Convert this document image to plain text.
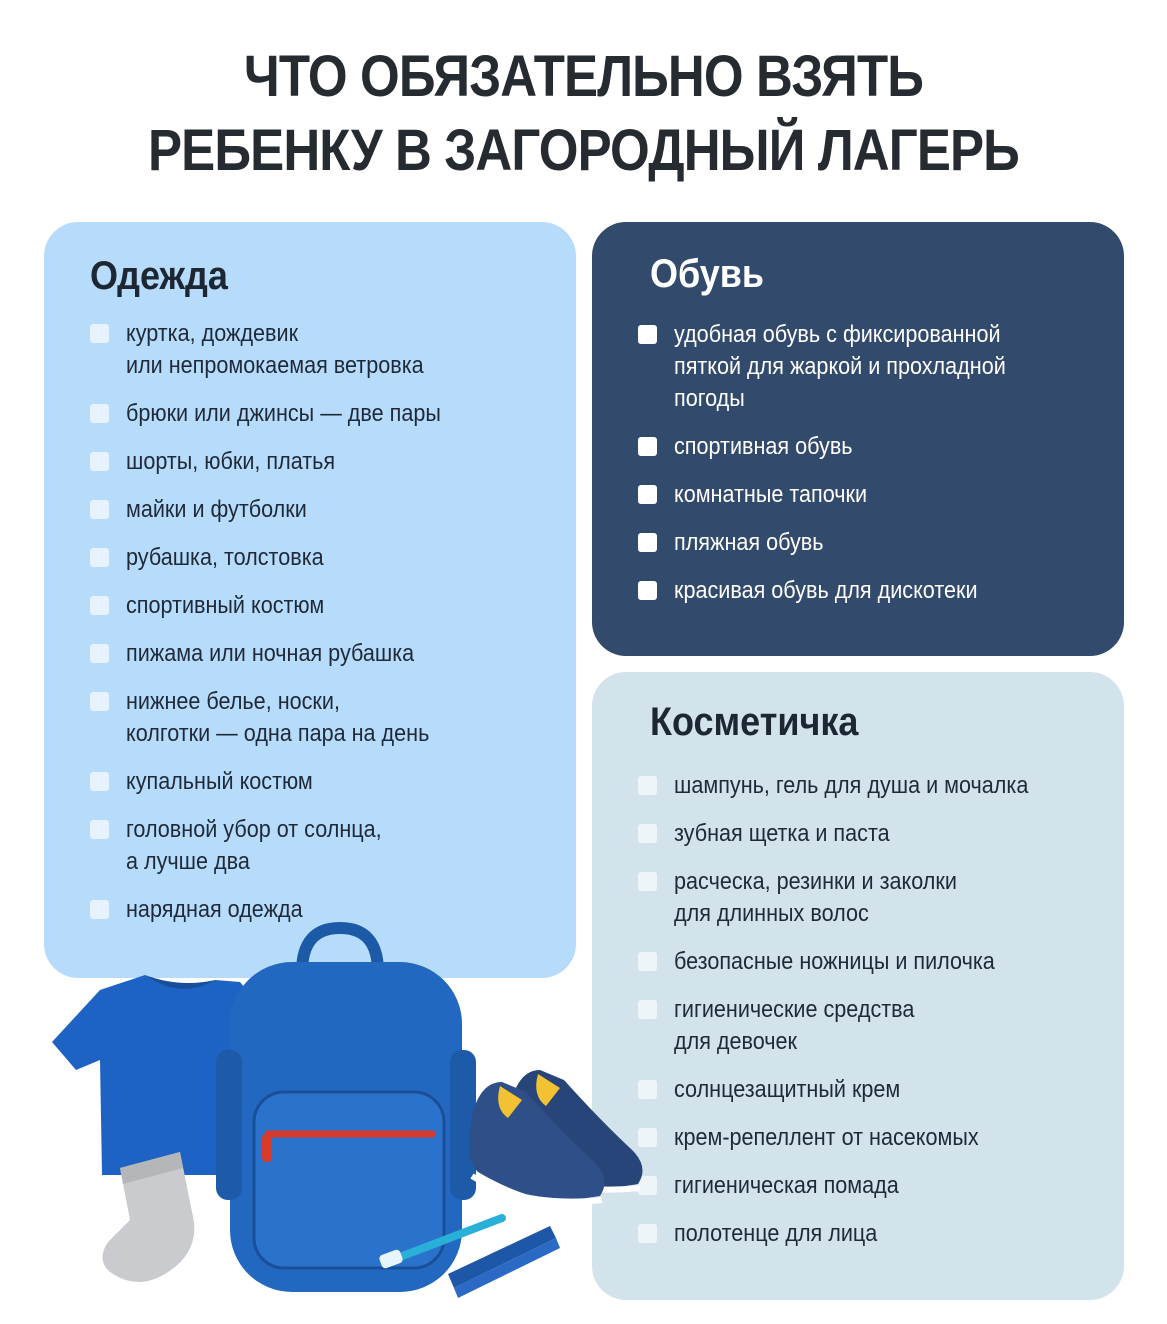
ЧТО ОБЯЗАТЕЛЬНО ВЗЯТЬ
РЕБЕНКУ В ЗАГОРОДНЫЙ ЛАГЕРЬ
Одежда
куртка, дождевик
или непромокаемая ветровка
брюки или джинсы — две пары
шорты, юбки, платья
майки и футболки
рубашка, толстовка
спортивный костюм
пижама или ночная рубашка
нижнее белье, носки,
колготки — одна пара на день
купальный костюм
головной убор от солнца,
а лучше два
нарядная одежда
Обувь
удобная обувь с фиксированной
пяткой для жаркой и прохладной
погоды
спортивная обувь
комнатные тапочки
пляжная обувь
красивая обувь для дискотеки
Косметичка
шампунь, гель для душа и мочалка
зубная щетка и паста
расческа, резинки и заколки
для длинных волос
безопасные ножницы и пилочка
гигиенические средства
для девочек
солнцезащитный крем
крем-репеллент от насекомых
гигиеническая помада
полотенце для лица
